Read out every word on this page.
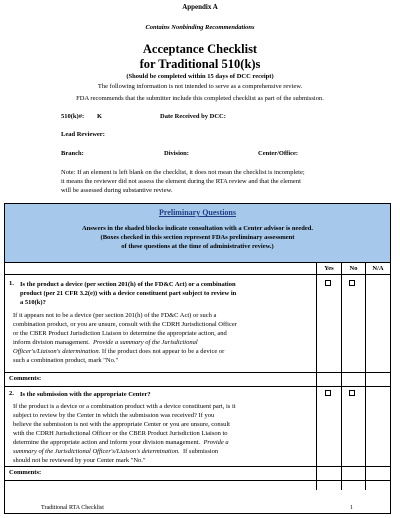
Appendix A
Contains Nonbinding Recommendations
Acceptance Checklist
for Traditional 510(k)s
(Should be completed within 15 days of DCC receipt)
The following information is not intended to serve as a comprehensive review.
FDA recommends that the submitter include this completed checklist as part of the submission.
510(k)#: K	Date Received by DCC:
Lead Reviewer:
Branch:	Division:	Center/Office:
Note: If an element is left blank on the checklist, it does not mean the checklist is incomplete;
it means the reviewer did not assess the element during the RTA review and that the element
will be assessed during substantive review.
Preliminary Questions
Answers in the shaded blocks indicate consultation with a Center advisor is needed.
(Boxes checked in this section represent FDAs preliminary assessment
of these questions at the time of administrative review.)
Yes	No	N/A
1. Is the product a device (per section 201(h) of the FD&C Act) or a combination
product (per 21 CFR 3.2(e)) with a device constituent part subject to review in
a 510(k)?
If it appears not to be a device (per section 201(h) of the FD&C Act) or such a
combination product, or you are unsure, consult with the CDRH Jurisdictional Officer
or the CBER Product Jurisdiction Liaison to determine the appropriate action, and
inform division management. Provide a summary of the Jurisdictional
Officer's/Liaison's determination. If the product does not appear to be a device or
such a combination product, mark "No."
Comments:
2. Is the submission with the appropriate Center?
If the product is a device or a combination product with a device constituent part, is it
subject to review by the Center in which the submission was received? If you
believe the submission is not with the appropriate Center or you are unsure, consult
with the CDRH Jurisdictional Officer or the CBER Product Jurisdiction Liaison to
determine the appropriate action and inform your division management. Provide a
summary of the Jurisdictional Officer's/Liaison's determination. If submission
should not be reviewed by your Center mark "No."
Comments:
Traditional RTA Checklist	1
